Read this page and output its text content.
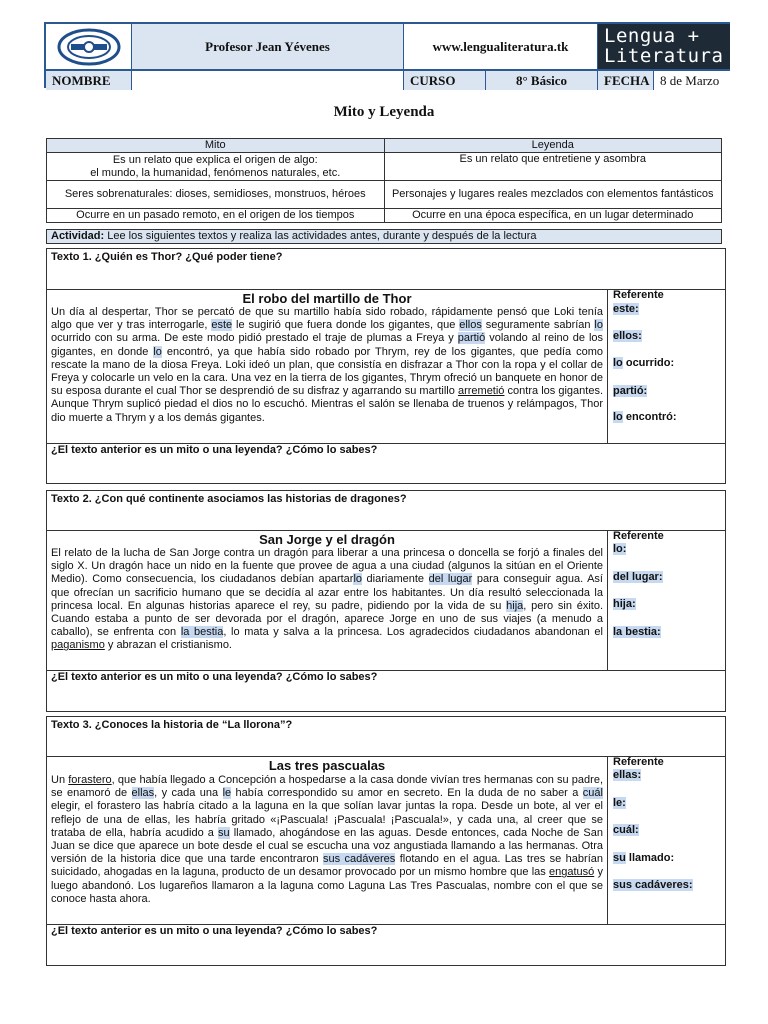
Profesor Jean Yévenes	www.lengualiteratura.tk	Lengua +
Literatura
NOMBRE	CURSO	8° Básico	FECHA 8 de Marzo
Mito y Leyenda
Mito	Leyenda
Es un relato que explica el origen de algo:
el mundo, la humanidad, fenómenos naturales, etc.	Es un relato que entretiene y asombra
Seres sobrenaturales: dioses, semidioses, monstruos, héroes	Personajes y lugares reales mezclados con elementos fantásticos
Ocurre en un pasado remoto, en el origen de los tiempos	Ocurre en una época específica, en un lugar determinado
Actividad: Lee los siguientes textos y realiza las actividades antes, durante y después de la lectura
Texto 1. ¿Quién es Thor? ¿Qué poder tiene?
El robo del martillo de Thor
Un día al despertar, Thor se percató de que su martillo había sido robado, rápidamente pensó que Loki tenía algo que ver y tras interrogarle, este le sugirió que fuera donde los gigantes, que ellos seguramente sabrían lo ocurrido con su arma. De este modo pidió prestado el traje de plumas a Freya y partió volando al reino de los gigantes, en donde lo encontró, ya que había sido robado por Thrym, rey de los gigantes, que pedía como rescate la mano de la diosa Freya. Loki ideó un plan, que consistía en disfrazar a Thor con la ropa y el collar de Freya y colocarle un velo en la cara. Una vez en la tierra de los gigantes, Thrym ofreció un banquete en honor de su esposa durante el cual Thor se desprendió de su disfraz y agarrando su martillo arremetió contra los gigantes. Aunque Thrym suplicó piedad el dios no lo escuchó. Mientras el salón se llenaba de truenos y relámpagos, Thor dio muerte a Thrym y a los demás gigantes.
Referente
este:
ellos:
lo ocurrido:
partió:
lo encontró:
¿El texto anterior es un mito o una leyenda? ¿Cómo lo sabes?
Texto 2. ¿Con qué continente asociamos las historias de dragones?
San Jorge y el dragón
El relato de la lucha de San Jorge contra un dragón para liberar a una princesa o doncella se forjó a finales del siglo X. Un dragón hace un nido en la fuente que provee de agua a una ciudad (algunos la sitúan en el Oriente Medio). Como consecuencia, los ciudadanos debían apartarlo diariamente del lugar para conseguir agua. Así que ofrecían un sacrificio humano que se decidía al azar entre los habitantes. Un día resultó seleccionada la princesa local. En algunas historias aparece el rey, su padre, pidiendo por la vida de su hija, pero sin éxito. Cuando estaba a punto de ser devorada por el dragón, aparece Jorge en uno de sus viajes (a menudo a caballo), se enfrenta con la bestia, lo mata y salva a la princesa. Los agradecidos ciudadanos abandonan el paganismo y abrazan el cristianismo.
Referente
lo:
del lugar:
hija:
la bestia:
¿El texto anterior es un mito o una leyenda? ¿Cómo lo sabes?
Texto 3. ¿Conoces la historia de “La llorona”?
Las tres pascualas
Un forastero, que había llegado a Concepción a hospedarse a la casa donde vivían tres hermanas con su padre, se enamoró de ellas, y cada una le había correspondido su amor en secreto. En la duda de no saber a cuál elegir, el forastero las habría citado a la laguna en la que solían lavar juntas la ropa. Desde un bote, al ver el reflejo de una de ellas, les habría gritado «¡Pascuala! ¡Pascuala! ¡Pascuala!», y cada una, al creer que se trataba de ella, habría acudido a su llamado, ahogándose en las aguas. Desde entonces, cada Noche de San Juan se dice que aparece un bote desde el cual se escucha una voz angustiada llamando a las hermanas. Otra versión de la historia dice que una tarde encontraron sus cadáveres flotando en el agua. Las tres se habrían suicidado, ahogadas en la laguna, producto de un desamor provocado por un mismo hombre que las engatusó y luego abandonó. Los lugareños llamaron a la laguna como Laguna Las Tres Pascualas, nombre con el que se conoce hasta ahora.
Referente
ellas:
le:
cuál:
su llamado:
sus cadáveres:
¿El texto anterior es un mito o una leyenda? ¿Cómo lo sabes?
